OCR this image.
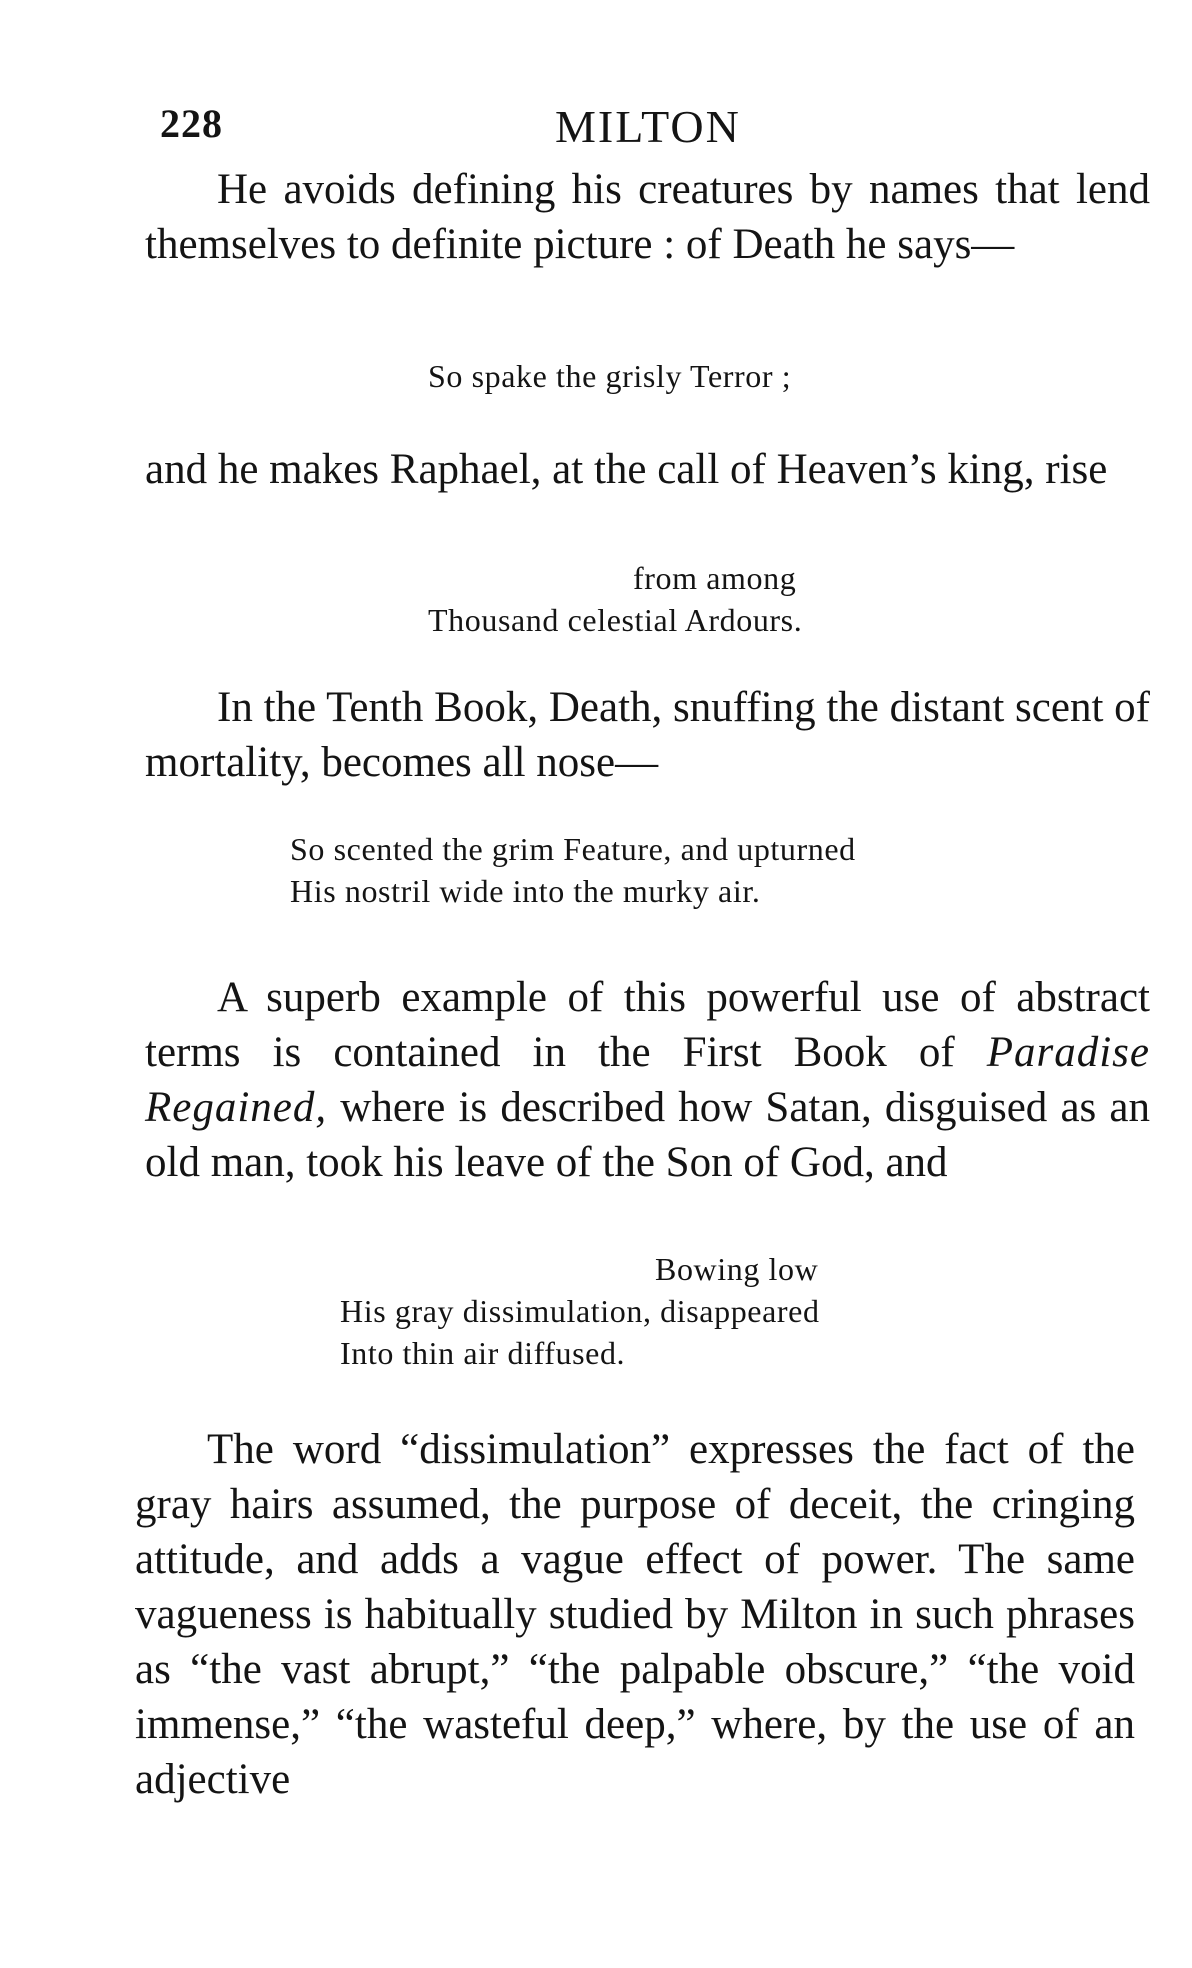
228	MILTON

He avoids defining his creatures by names that lend themselves to definite picture : of Death he says—

So spake the grisly Terror ;

and he makes Raphael, at the call of Heaven’s king, rise

from among
Thousand celestial Ardours.

In the Tenth Book, Death, snuffing the distant scent of mortality, becomes all nose—

So scented the grim Feature, and upturned
His nostril wide into the murky air.

A superb example of this powerful use of abstract terms is contained in the First Book of Paradise Regained, where is described how Satan, disguised as an old man, took his leave of the Son of God, and

Bowing low
His gray dissimulation, disappeared
Into thin air diffused.

The word “dissimulation” expresses the fact of the gray hairs assumed, the purpose of deceit, the cringing attitude, and adds a vague effect of power. The same vagueness is habitually studied by Milton in such phrases as “the vast abrupt,” “the palpable obscure,” “the void immense,” “the wasteful deep,” where, by the use of an adjective
